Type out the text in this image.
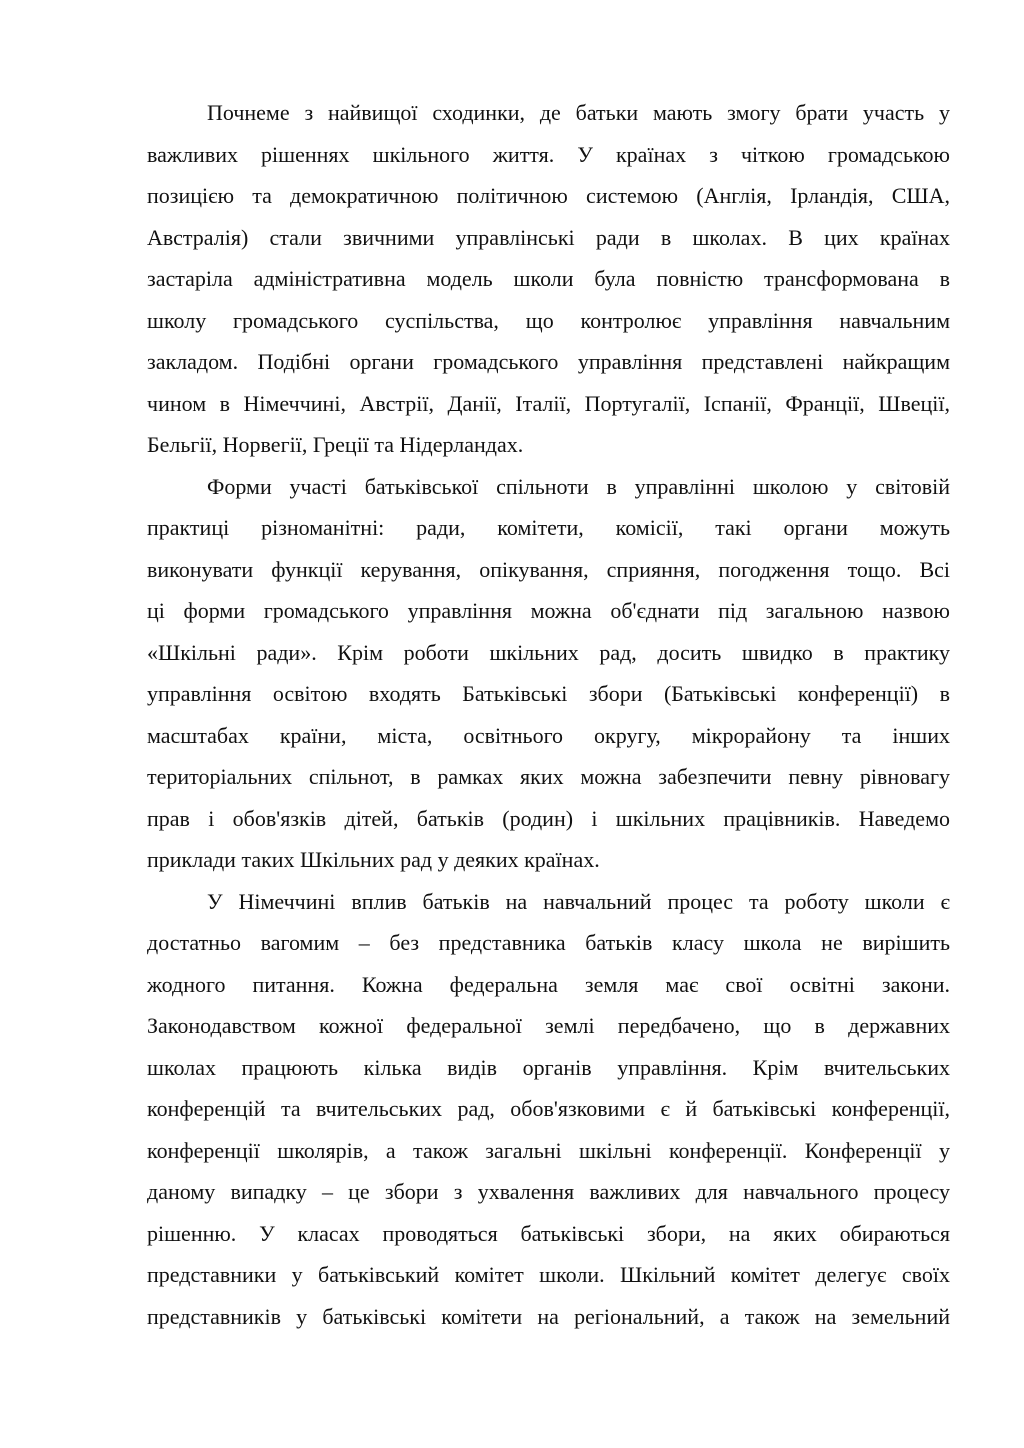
Почнеме з найвищої сходинки, де батьки мають змогу брати участь у
важливих рішеннях шкільного життя. У країнах з чіткою громадською
позицією та демократичною політичною системою (Англія, Ірландія, США,
Австралія) стали звичними управлінські ради в школах. В цих країнах
застаріла адміністративна модель школи була повністю трансформована в
школу громадського суспільства, що контролює управління навчальним
закладом. Подібні органи громадського управління представлені найкращим
чином в Німеччині, Австрії, Данії, Італії, Португалії, Іспанії, Франції, Швеції,
Бельгії, Норвегії, Греції та Нідерландах.
Форми участі батьківської спільноти в управлінні школою у світовій
практиці різноманітні: ради, комітети, комісії, такі органи можуть
виконувати функції керування, опікування, сприяння, погодження тощо. Всі
ці форми громадського управління можна об'єднати під загальною назвою
«Шкільні ради». Крім роботи шкільних рад, досить швидко в практику
управління освітою входять Батьківські збори (Батьківські конференції) в
масштабах країни, міста, освітнього округу, мікрорайону та інших
територіальних спільнот, в рамках яких можна забезпечити певну рівновагу
прав і обов'язків дітей, батьків (родин) і шкільних працівників. Наведемо
приклади таких Шкільних рад у деяких країнах.
У Німеччині вплив батьків на навчальний процес та роботу школи є
достатньо вагомим – без представника батьків класу школа не вирішить
жодного питання. Кожна федеральна земля має свої освітні закони.
Законодавством кожної федеральної землі передбачено, що в державних
школах працюють кілька видів органів управління. Крім вчительських
конференцій та вчительських рад, обов'язковими є й батьківські конференції,
конференції школярів, а також загальні шкільні конференції. Конференції у
даному випадку – це збори з ухвалення важливих для навчального процесу
рішенню. У класах проводяться батьківські збори, на яких обираються
представники у батьківський комітет школи. Шкільний комітет делегує своїх
представників у батьківські комітети на регіональний, а також на земельний
